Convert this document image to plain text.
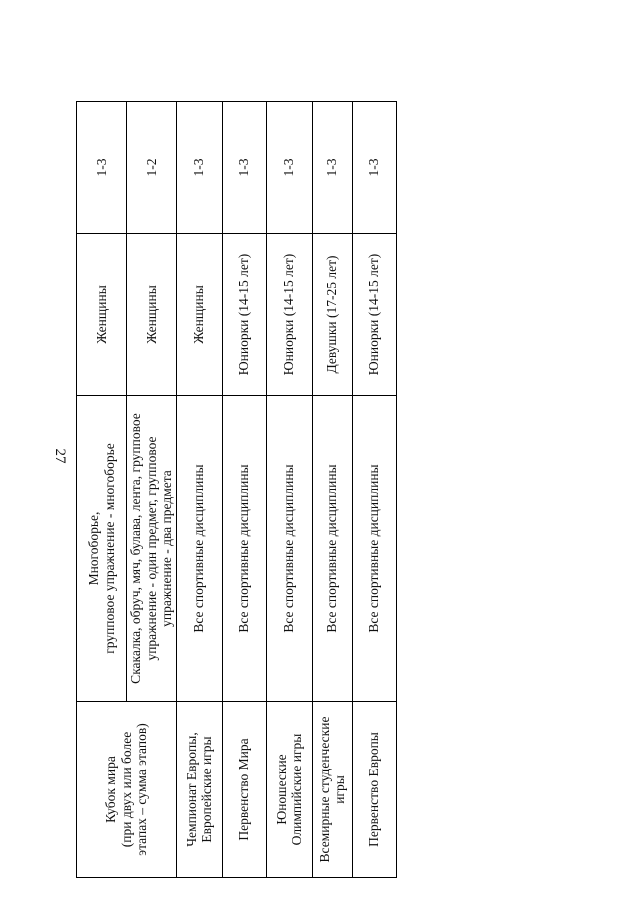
27
Кубок мира (при двух или более этапах – сумма этапов)	Многоборье, групповое упражнение - многоборье	Женщины	1-3

	Скакалка, обруч, мяч, булава, лента, групповое упражнение - один предмет, групповое упражнение - два предмета	Женщины	1-2

Чемпионат Европы, Европейские игры	Все спортивные дисциплины	Женщины	1-3
Первенство Мира	Все спортивные дисциплины	Юниорки (14-15 лет)	1-3

Юношеские Олимпийские игры	Все спортивные дисциплины	Юниорки (14-15 лет)	1-3

Всемирные студенческие игры	Все спортивные дисциплины	Девушки (17-25 лет)	1-3
Первенство Европы	Все спортивные дисциплины	Юниорки (14-15 лет)	1-3
